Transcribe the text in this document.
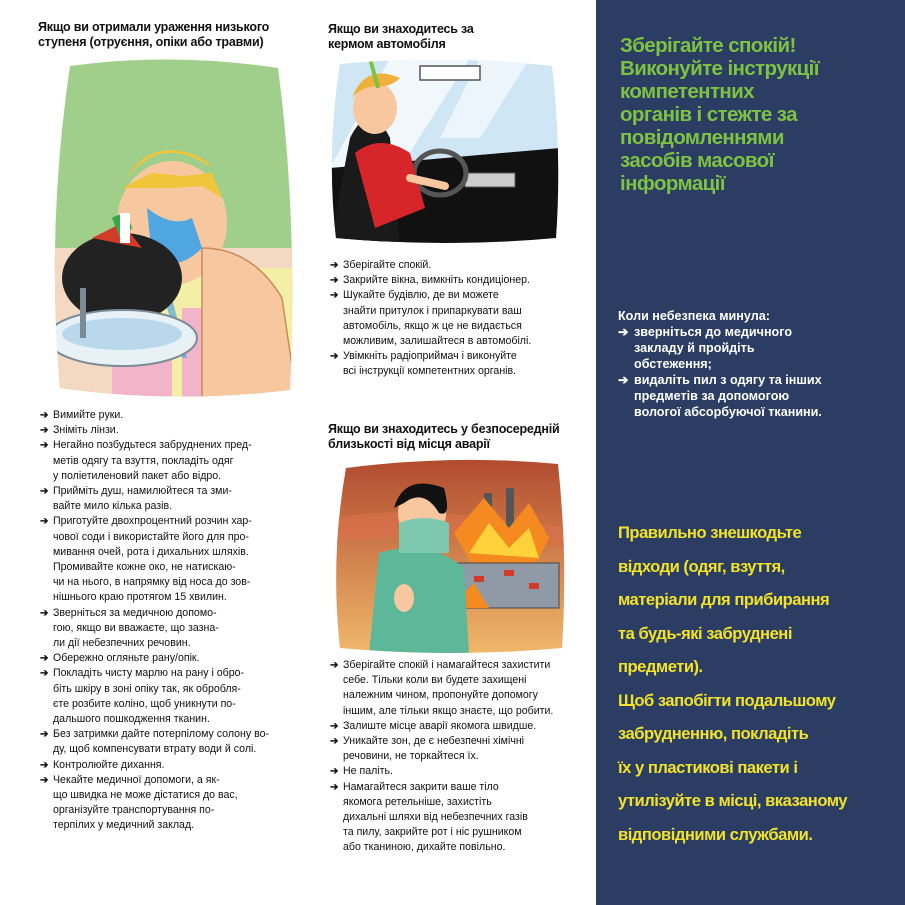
Якщо ви отримали ураження низького
ступеня (отруєння, опіки або травми)
➔ Вимийте руки.
➔ Зніміть лінзи.
➔ Негайно позбудьтеся забруднених пред-
метів одягу та взуття, покладіть одяг
у поліетиленовий пакет або відро.
➔ Прийміть душ, намилюйтеся та зми-
вайте мило кілька разів.
➔ Приготуйте двохпроцентний розчин хар-
чової соди і використайте його для про-
мивання очей, рота і дихальних шляхів.
Промивайте кожне око, не натискаю-
чи на нього, в напрямку від носа до зов-
нішнього краю протягом 15 хвилин.
➔ Зверніться за медичною допомо-
гою, якщо ви вважаєте, що зазна-
ли дії небезпечних речовин.
➔ Обережно огляньте рану/опік.
➔ Покладіть чисту марлю на рану і обро-
біть шкіру в зоні опіку так, як обробля-
єте розбите коліно, щоб уникнути по-
дальшого пошкодження тканин.
➔ Без затримки дайте потерпілому солону во-
ду, щоб компенсувати втрату води й солі.
➔ Контролюйте дихання.
➔ Чекайте медичної допомоги, а як-
що швидка не може дістатися до вас,
організуйте транспортування по-
терпілих у медичний заклад.
Якщо ви знаходитесь за
кермом автомобіля
➔ Зберігайте спокій.
➔ Закрийте вікна, вимкніть кондиціонер.
➔ Шукайте будівлю, де ви можете
знайти притулок і припаркувати ваш
автомобіль, якщо ж це не видається
можливим, залишайтеся в автомобілі.
➔ Увімкніть радіоприймач і виконуйте
всі інструкції компетентних органів.
Якщо ви знаходитесь у безпосередній
близькості від місця аварії
➔ Зберігайте спокій і намагайтеся захистити
себе. Тільки коли ви будете захищені
належним чином, пропонуйте допомогу
іншим, але тільки якщо знаєте, що робити.
➔ Залиште місце аварії якомога швидше.
➔ Уникайте зон, де є небезпечні хімічні
речовини, не торкайтеся їх.
➔ Не паліть.
➔ Намагайтеся закрити ваше тіло
якомога ретельніше, захистіть
дихальні шляхи від небезпечних газів
та пилу, закрийте рот і ніс рушником
або тканиною, дихайте повільно.

Зберігайте спокій!

Виконуйте інструкції
компетентних
органів і стежте за
повідомленнями
засобів масової
інформації

Коли небезпека минула:
➔ зверніться до медичного
закладу й пройдіть
обстеження;
➔ видаліть пил з одягу та інших
предметів за допомогою
вологої абсорбуючої тканини.
Правильно знешкодьте
відходи (одяг, взуття,
матеріали для прибирання
та будь-які забруднені
предмети).
Щоб запобігти подальшому
забрудненню, покладіть
їх у пластикові пакети і
утилізуйте в місці, вказаному
відповідними службами.
